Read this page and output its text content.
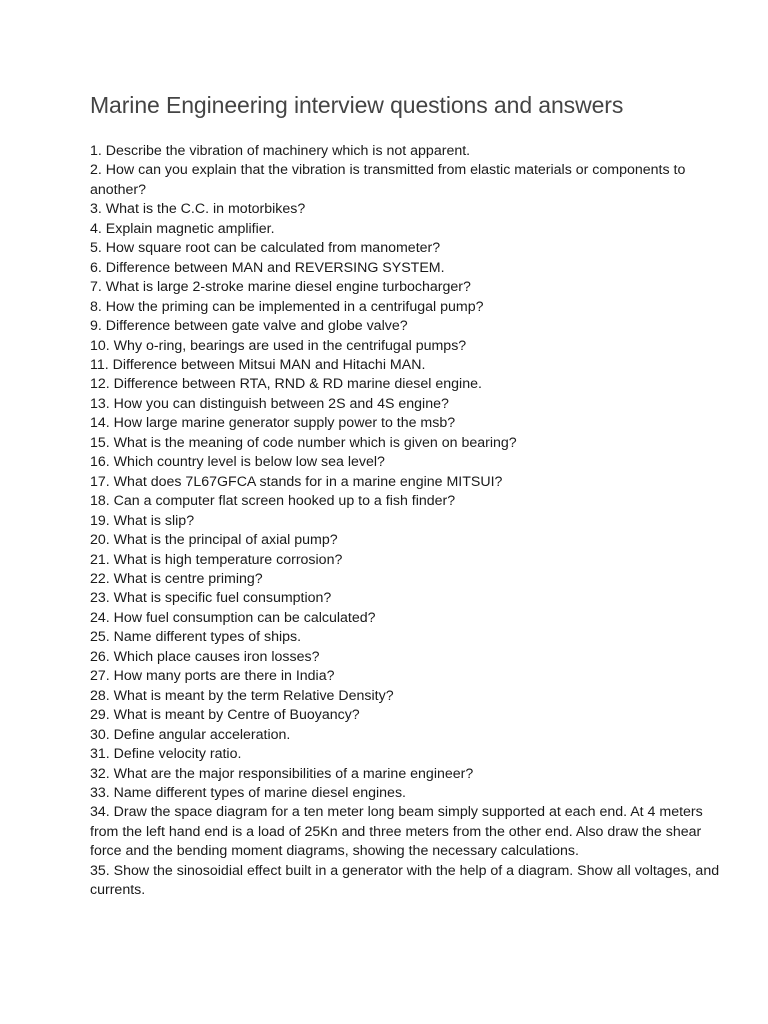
Marine Engineering interview questions and answers
1. Describe the vibration of machinery which is not apparent.
2. How can you explain that the vibration is transmitted from elastic materials or components to another?
3. What is the C.C. in motorbikes?
4. Explain magnetic amplifier.
5. How square root can be calculated from manometer?
6. Difference between MAN and REVERSING SYSTEM.
7. What is large 2-stroke marine diesel engine turbocharger?
8. How the priming can be implemented in a centrifugal pump?
9. Difference between gate valve and globe valve?
10. Why o-ring, bearings are used in the centrifugal pumps?
11. Difference between Mitsui MAN and Hitachi MAN.
12. Difference between RTA, RND & RD marine diesel engine.
13. How you can distinguish between 2S and 4S engine?
14. How large marine generator supply power to the msb?
15. What is the meaning of code number which is given on bearing?
16. Which country level is below low sea level?
17. What does 7L67GFCA stands for in a marine engine MITSUI?
18. Can a computer flat screen hooked up to a fish finder?
19. What is slip?
20. What is the principal of axial pump?
21. What is high temperature corrosion?
22. What is centre priming?
23. What is specific fuel consumption?
24. How fuel consumption can be calculated?
25. Name different types of ships.
26. Which place causes iron losses?
27. How many ports are there in India?
28. What is meant by the term Relative Density?
29. What is meant by Centre of Buoyancy?
30. Define angular acceleration.
31. Define velocity ratio.
32. What are the major responsibilities of a marine engineer?
33. Name different types of marine diesel engines.
34. Draw the space diagram for a ten meter long beam simply supported at each end. At 4 meters from the left hand end is a load of 25Kn and three meters from the other end. Also draw the shear force and the bending moment diagrams, showing the necessary calculations.
35. Show the sinosoidial effect built in a generator with the help of a diagram. Show all voltages, and currents.
